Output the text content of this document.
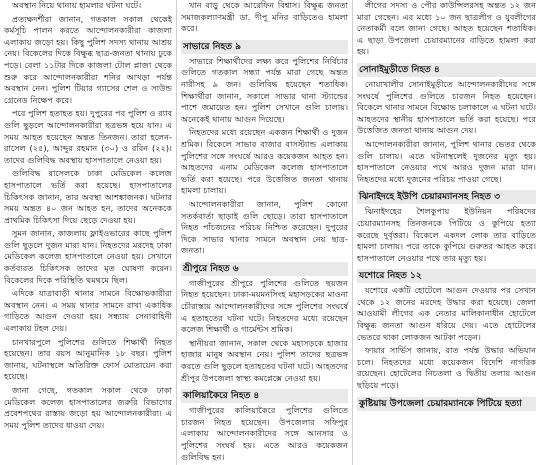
অবস্থান নিয়ে থানায় হামলার ঘটনা ঘটে।

প্রত্যক্ষদর্শীরা জানান, গতকাল সকাল থেকেই কর্মসূচি পালন করতে আন্দোলনকারীরা কাজলা এলাকায় জড়ো হয়। কিছু পুলিশ সদস্য থানায় আশ্রয় নেয়। বিকেলের দিকে বিক্ষুব্ধ ছাত্র-জনতা থানায় ঢুকে পড়ে। বেলা ১১টার দিকে কাজলা টোল প্লাজা থেকে শুরু করে আন্দোলনকারীরা শনির আখড়া পর্যন্ত অবস্থান নেন। পুলিশ টিয়ার গ্যাসের শেল ও সাউন্ড গ্রেনেড নিক্ষেপ করে।

পরে পুলিশ হতাহত হয়। দুপুরের পর পুলিশ ও র‍্যাব গুলি ছুড়লে আন্দোলনকারীরা ছত্রভঙ্গ হয়ে যান। এ সময় আহত হয়েছেন অন্তত তিনজন। তারা হলেন- রাসেল (২৫), আব্দুর রহমান (৩০) ও রবিন (২২)। তাদের গুলিবিদ্ধ অবস্থায় হাসপাতালে নেওয়া হয়।

গুলিবিদ্ধ রাসেলকে ঢাকা মেডিকেল কলেজ হাসপাতালে ভর্তি করা হয়েছে। হাসপাতালের চিকিৎসক জানান, তার অবস্থা আশঙ্কাজনক। ঘটনার সময় অন্তত ৪০ জন আহত হন, তাদের অনেককে প্রাথমিক চিকিৎসা দিয়ে ছেড়ে দেওয়া হয়।

সুমন জানান, কাজলায় ফ্লাইওভারের কাছে পুলিশ গুলি ছুড়লে দুজন মারা যান। নিহতদের মরদেহ ঢাকা মেডিকেল কলেজ হাসপাতালে নেওয়া হয়। সেখানে কর্তব্যরত চিকিৎসক তাদের মৃত ঘোষণা করেন। বিকেলের দিকে পরিস্থিতি থমথমে ছিল।

এদিকে যাত্রাবাড়ী থানার সামনে বিক্ষোভকারীরা অবস্থান নেন। এ সময় থানার সামনে রাখা একাধিক গাড়িতে আগুন দেওয়া হয়। সন্ধ্যায় সেনাবাহিনী এলাকায় টহল দেয়।

চানখারপুলে পুলিশের গুলিতে শিক্ষার্থী নিহত হয়েছেন। তার বয়স আনুমানিক ১৮ বছর। পুলিশ জানায়, ঘটনাস্থলে অতিরিক্ত ফোর্স মোতায়েন করা হয়েছে।

জানা গেছে, গতকাল সকাল থেকে ঢাকা মেডিকেল কলেজ হাসপাতালের জরুরি বিভাগের প্রবেশপথের রাস্তায় জড়ো হয় আন্দোলনকারীরা। এ সময় পুলিশ তাদের ধাওয়া দেয়।

খান বাড়ু থেকে আরেফিন বিশ্বাস। বিক্ষুব্ধ জনতা সমাজকল্যাণমন্ত্রী ডা. দীপু মনির বাড়িতেও হামলা করে।

সাভারে নিহত ৯

সাভারে শিক্ষার্থীদের লক্ষ্য করে পুলিশের নির্বিচার গুলিতে গতকাল সন্ধ্যা পর্যন্ত মারা গেছে অন্তত নারীসহ ৯ জন। গুলিবিদ্ধ হয়েছেন শতাধিক। শিক্ষার্থীরা জানান, সকালে সাভার থানা স্ট্যান্ডের পাশে জমায়েত হন। পুলিশ সেখানে গুলি চালায়। অনেকেই থানায় আগুন দিয়েছে।

নিহতদের মধ্যে রয়েছেন একজন শিক্ষার্থী ও দুজন শ্রমিক। বিকেলে সাভার বাজার বাসস্ট্যান্ড এলাকায় পুলিশের সঙ্গে সংঘর্ষে আরও কয়েকজন আহত হন। আহতদের এনাম মেডিকেল কলেজ হাসপাতালে ভর্তি করা হয়েছে। পরে উত্তেজিত জনতা থানায় হামলা চালায়।

আন্দোলনকারীরা জানান, পুলিশ কোনো সতর্কবার্তা ছাড়াই গুলি ছোড়ে। তারা হাসপাতালে নিহত পাঁচজনের পরিচয় নিশ্চিত করেছেন। দুপুরের দিকে সাভার থানার সামনে অবস্থান নেয় ছাত্র-জনতা।

শ্রীপুরে নিহত ৬

গাজীপুরের শ্রীপুরে পুলিশের গুলিতে ছয়জন নিহত হয়েছেন। ঢাকা-ময়মনসিংহ মহাসড়কের মাওনা চৌরাস্তায় আন্দোলনকারীদের সঙ্গে পুলিশের সংঘর্ষে এ হতাহতের ঘটনা ঘটে। নিহতদের মধ্যে রয়েছেন কলেজ শিক্ষার্থী ও গার্মেন্টস শ্রমিক।

স্থানীয়রা জানান, সকাল থেকে মহাসড়কে হাজার হাজার মানুষ অবস্থান নেয়। পুলিশ তাদের ছত্রভঙ্গ করতে গুলি ছুড়লে হতাহতের ঘটনা ঘটে। আহতদের শ্রীপুর উপজেলা স্বাস্থ্য কমপ্লেক্সে নেওয়া হয়।

কালিয়াকৈরে নিহত ৪

গাজীপুরের কালিয়াকৈরে পুলিশের গুলিতে চারজন নিহত হয়েছেন। উপজেলার সফিপুর এলাকায় আন্দোলনকারীদের সঙ্গে আনসার ও পুলিশের সংঘর্ষ হয়। এতে আরও কয়েকজন গুলিবিদ্ধ হন।

লীগের সদস্য ও পৌর কাউন্সিলরসহ অন্তত ১২ জন মারা গেছেন। এর মধ্যে ১০ জন ছাত্রলীগ ও যুবলীগের নেতাকর্মী বলে জানা গেছে। আহত হয়েছেন শতাধিক। এ ছাড়া উপজেলা চেয়ারম্যানের বাড়িতে হামলা করা হয়।

সোনাইমুড়ীতে নিহত ৪

নোয়াখালীর সোনাইমুড়ীতে আন্দোলনকারীদের সঙ্গে সংঘর্ষে পুলিশের গুলিতে চারজন নিহত হয়েছেন। বিকেলে থানার সামনে বিক্ষোভ চলাকালে এ ঘটনা ঘটে। আহতদের স্থানীয় হাসপাতালে ভর্তি করা হয়েছে। পরে উত্তেজিত জনতা থানায় আগুন দেয়।

আন্দোলনকারীরা জানান, পুলিশ থানার ভেতর থেকে গুলি চালায়। এতে ঘটনাস্থলেই দুজনের মৃত্যু হয়। হাসপাতালে নেওয়ার পথে আরও দুজন মারা যান। নিহতদের মধ্যে দুজনের পরিচয় পাওয়া গেছে।

ঝিনাইদহে ইউপি চেয়ারম্যানসহ নিহত ৩

ঝিনাইদহের শৈলকুপায় ইউনিয়ন পরিষদের চেয়ারম্যানসহ তিনজনকে পিটিয়ে ও কুপিয়ে হত্যা করেছে দুর্বৃত্তরা। বিকেলে একদল লোক তার বাড়িতে হামলা চালায়। পরে তাকে কুপিয়ে গুরুতর আহত করে। হাসপাতালে নেওয়ার পথে তার মৃত্যু হয়।

যশোরে নিহত ১২

যশোরে একটি হোটেলে আগুন দেওয়ার পর সেখান থেকে ১২ জনের মরদেহ উদ্ধার করা হয়েছে। জেলা আওয়ামী লীগের এক নেতার মালিকানাধীন হোটেলে বিক্ষুব্ধ জনতা আগুন ধরিয়ে দেয়। এতে হোটেলের ভেতরে থাকা লোকজন আটকা পড়েন।

ফায়ার সার্ভিস জানায়, রাত পর্যন্ত উদ্ধার অভিযান চলে। নিহতদের মধ্যে কয়েকজন বিদেশি নাগরিক রয়েছেন। হোটেলের নিচতলা ও দ্বিতীয় তলায় আগুন ছড়িয়ে পড়ে।

কুষ্টিয়ায় উপজেলা চেয়ারম্যানকে পিটিয়ে হত্যা
